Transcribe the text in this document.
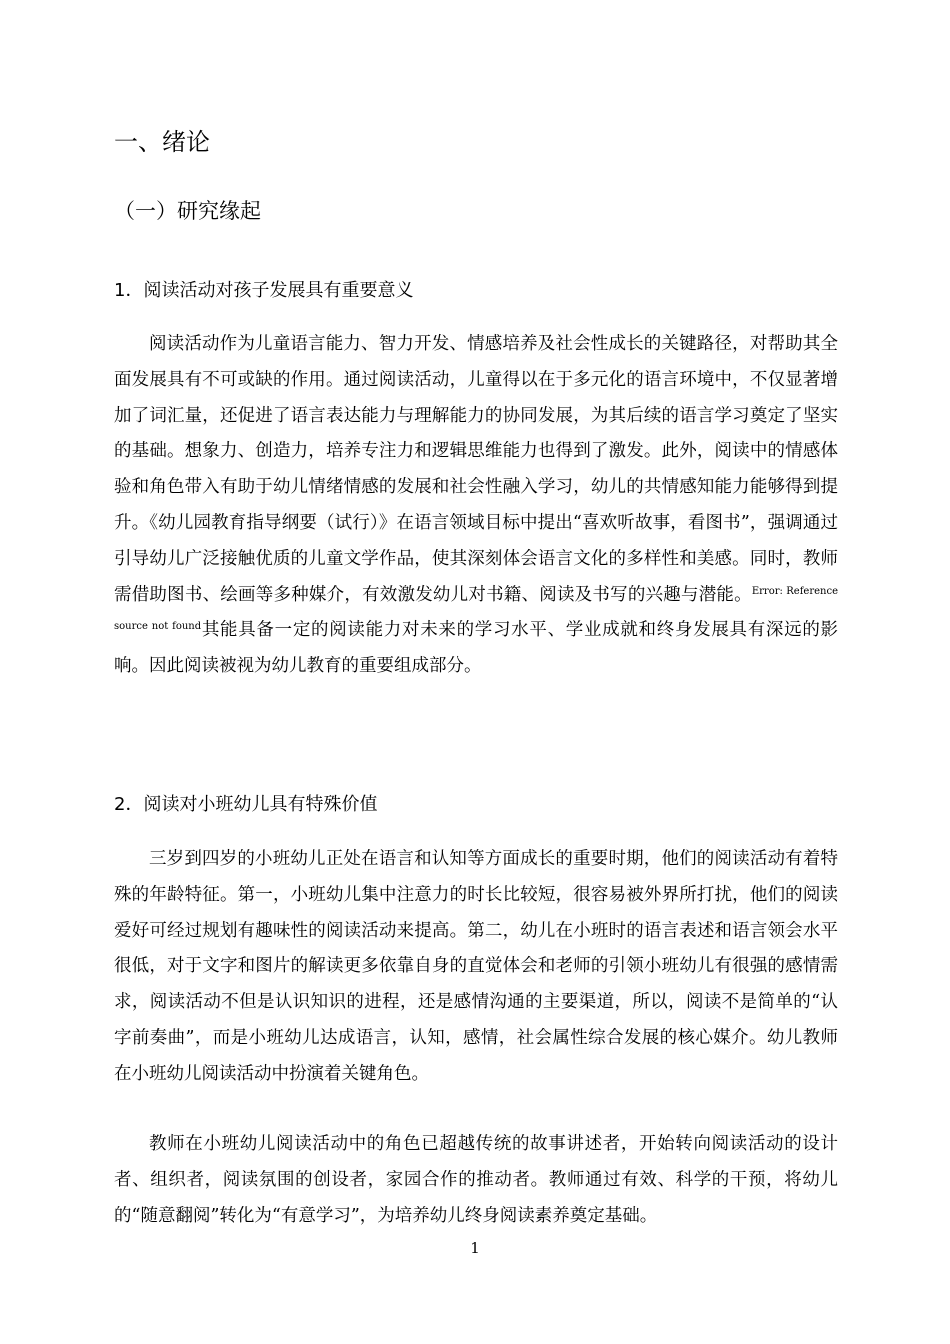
一、绪论
（一）研究缘起
1．阅读活动对孩子发展具有重要意义

阅读活动作为儿童语言能力、智力开发、情感培养及社会性成长的关键路径，对帮助其全面发展具有不可或缺的作用。通过阅读活动，儿童得以在于多元化的语言环境中，不仅显著增加了词汇量，还促进了语言表达能力与理解能力的协同发展，为其后续的语言学习奠定了坚实的基础。想象力、创造力，培养专注力和逻辑思维能力也得到了激发。此外，阅读中的情感体验和角色带入有助于幼儿情绪情感的发展和社会性融入学习，幼儿的共情感知能力能够得到提升。《幼儿园教育指导纲要（试行）》在语言领域目标中提出“喜欢听故事，看图书”，强调通过引导幼儿广泛接触优质的儿童文学作品，使其深刻体会语言文化的多样性和美感。同时，教师需借助图书、绘画等多种媒介，有效激发幼儿对书籍、阅读及书写的兴趣与潜能。$^{Error: Reference source not found}$其能具备一定的阅读能力对未来的学习水平、学业成就和终身发展具有深远的影响。因此阅读被视为幼儿教育的重要组成部分。

2．阅读对小班幼儿具有特殊价值

三岁到四岁的小班幼儿正处在语言和认知等方面成长的重要时期，他们的阅读活动有着特殊的年龄特征。第一，小班幼儿集中注意力的时长比较短，很容易被外界所打扰，他们的阅读爱好可经过规划有趣味性的阅读活动来提高。第二，幼儿在小班时的语言表述和语言领会水平很低，对于文字和图片的解读更多依靠自身的直觉体会和老师的引领小班幼儿有很强的感情需求，阅读活动不但是认识知识的进程，还是感情沟通的主要渠道，所以，阅读不是简单的“认字前奏曲”，而是小班幼儿达成语言，认知，感情，社会属性综合发展的核心媒介。幼儿教师在小班幼儿阅读活动中扮演着关键角色。

教师在小班幼儿阅读活动中的角色已超越传统的故事讲述者，开始转向阅读活动的设计者、组织者，阅读氛围的创设者，家园合作的推动者。教师通过有效、科学的干预，将幼儿的“随意翻阅”转化为“有意学习”，为培养幼儿终身阅读素养奠定基础。

1
